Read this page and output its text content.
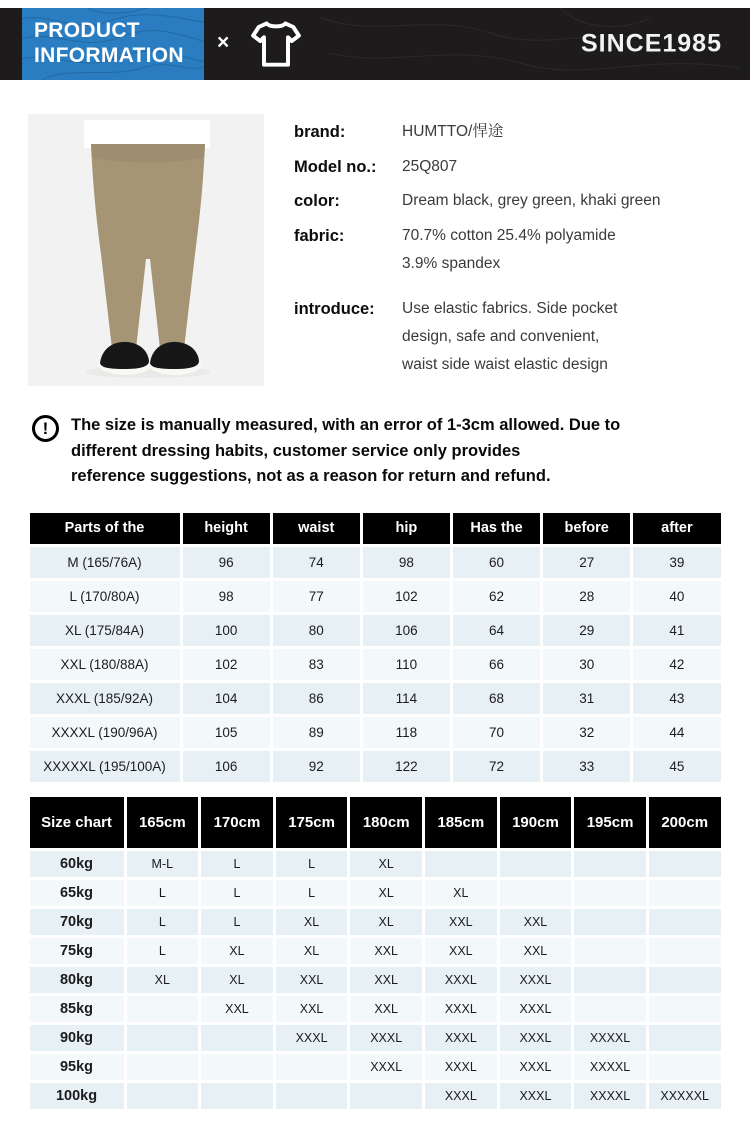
PRODUCT
INFORMATION
×	SINCE1985
brand:	HUMTTO/悍途
Model no.:	25Q807
color:	Dream black, grey green, khaki green
fabric:	70.7% cotton 25.4% polyamide
3.9% spandex
introduce:	Use elastic fabrics. Side pocket
design, safe and convenient,
waist side waist elastic design
!	The size is manually measured, with an error of 1-3cm allowed. Due to
different dressing habits, customer service only provides
reference suggestions, not as a reason for return and refund.
Parts of the	height	waist	hip	Has the	before	after
M (165/76A)	96	74	98	60	27	39
L (170/80A)	98	77	102	62	28	40
XL (175/84A)	100	80	106	64	29	41
XXL (180/88A)	102	83	110	66	30	42
XXXL (185/92A)	104	86	114	68	31	43
XXXXL (190/96A)	105	89	118	70	32	44
XXXXXL (195/100A)	106	92	122	72	33	45
Size chart	165cm	170cm	175cm	180cm	185cm	190cm	195cm	200cm
60kg	M-L	L	L	XL				
65kg	L	L	L	XL	XL			
70kg	L	L	XL	XL	XXL	XXL		
75kg	L	XL	XL	XXL	XXL	XXL		
80kg	XL	XL	XXL	XXL	XXXL	XXXL		
85kg		XXL	XXL	XXL	XXXL	XXXL		
90kg			XXXL	XXXL	XXXL	XXXL	XXXXL	
95kg				XXXL	XXXL	XXXL	XXXXL	
100kg					XXXL	XXXL	XXXXL	XXXXXL
